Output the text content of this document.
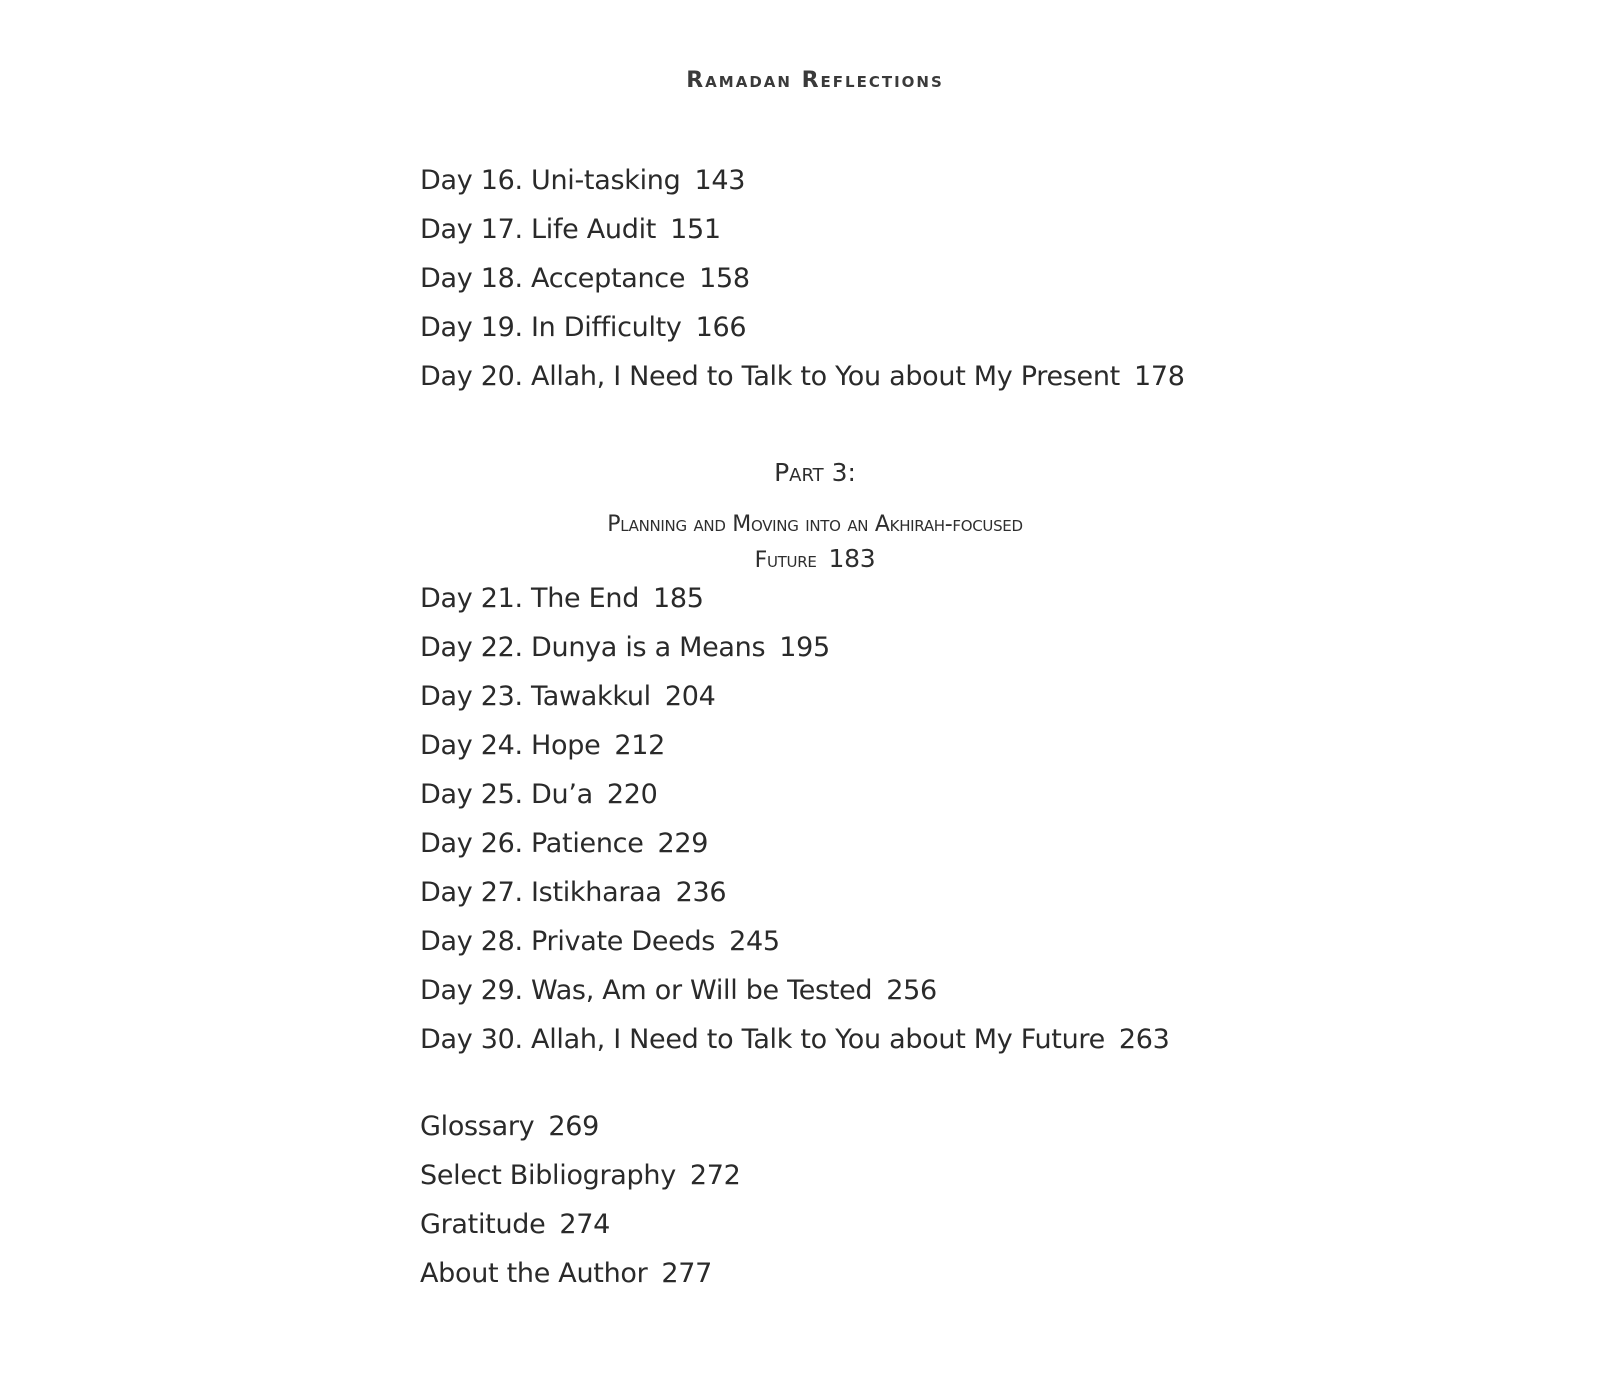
Ramadan Reflections
Day 16. Uni-tasking 143
Day 17. Life Audit 151
Day 18. Acceptance 158
Day 19. In Difficulty 166
Day 20. Allah, I Need to Talk to You about My Present 178
Part 3:
Planning and Moving into an Akhirah-focused
Future 183
Day 21. The End 185
Day 22. Dunya is a Means 195
Day 23. Tawakkul 204
Day 24. Hope 212
Day 25. Du’a 220
Day 26. Patience 229
Day 27. Istikharaa 236
Day 28. Private Deeds 245
Day 29. Was, Am or Will be Tested 256
Day 30. Allah, I Need to Talk to You about My Future 263
Glossary 269
Select Bibliography 272
Gratitude 274
About the Author 277
